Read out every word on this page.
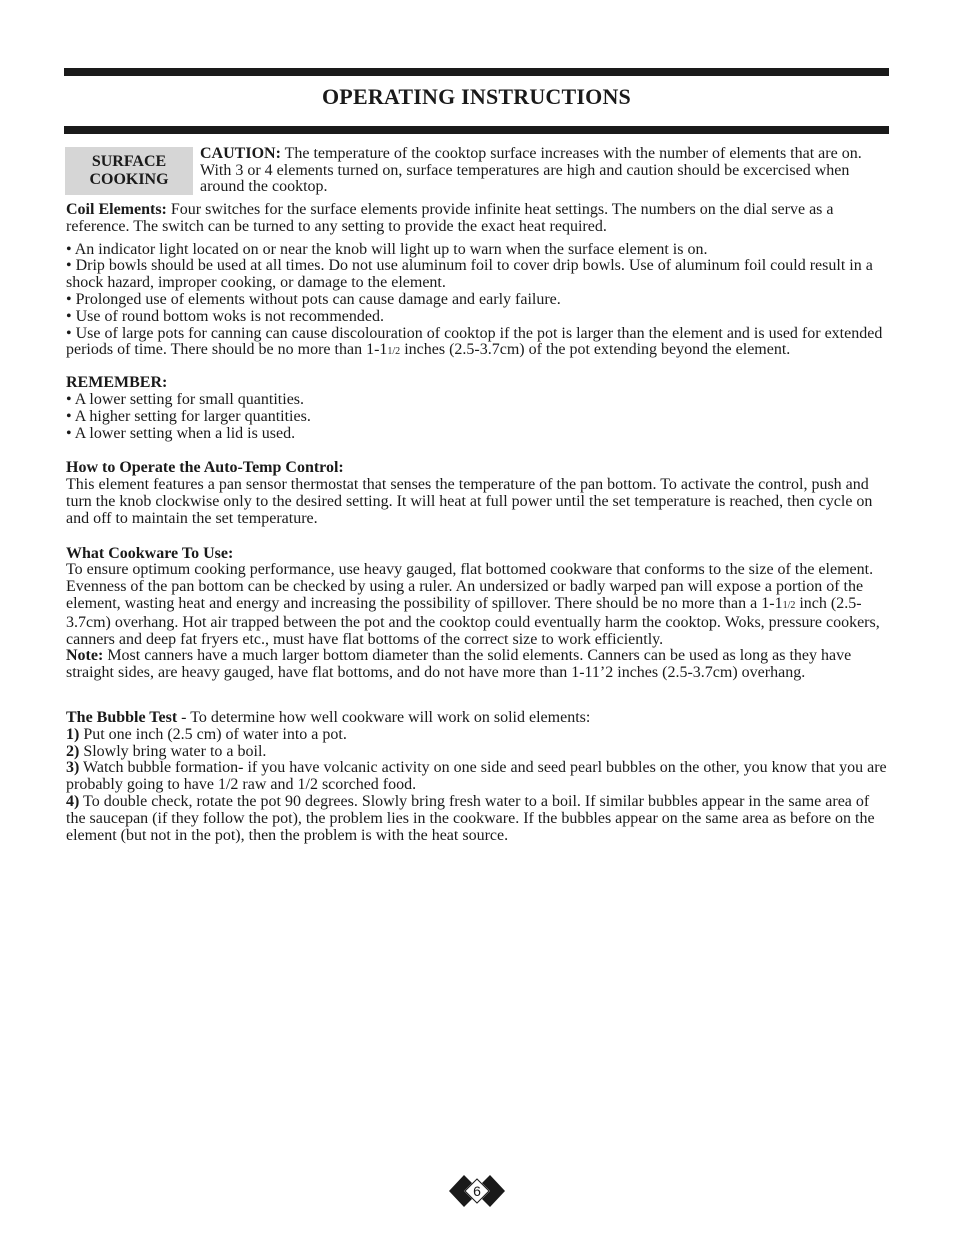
OPERATING INSTRUCTIONS
SURFACE
COOKING
CAUTION: The temperature of the cooktop surface increases with the number of elements that are on. With 3 or 4 elements turned on, surface temperatures are high and caution should be excercised when around the cooktop.

Coil Elements: Four switches for the surface elements provide infinite heat settings. The numbers on the dial serve as a reference. The switch can be turned to any setting to provide the exact heat required.

• An indicator light located on or near the knob will light up to warn when the surface element is on.

• Drip bowls should be used at all times. Do not use aluminum foil to cover drip bowls. Use of aluminum foil could result in a shock hazard, improper cooking, or damage to the element.

• Prolonged use of elements without pots can cause damage and early failure.

• Use of round bottom woks is not recommended.

• Use of large pots for canning can cause discolouration of cooktop if the pot is larger than the element and is used for extended periods of time. There should be no more than 1-11/2 inches (2.5-3.7cm) of the pot extending beyond the element.

REMEMBER:

• A lower setting for small quantities.

• A higher setting for larger quantities.

• A lower setting when a lid is used.

How to Operate the Auto-Temp Control:

This element features a pan sensor thermostat that senses the temperature of the pan bottom. To activate the control, push and turn the knob clockwise only to the desired setting. It will heat at full power until the set temperature is reached, then cycle on and off to maintain the set temperature.

What Cookware To Use:

To ensure optimum cooking performance, use heavy gauged, flat bottomed cookware that conforms to the size of the element. Evenness of the pan bottom can be checked by using a ruler. An undersized or badly warped pan will expose a portion of the element, wasting heat and energy and increasing the possibility of spillover. There should be no more than a 1-11/2 inch (2.5-3.7cm) overhang. Hot air trapped between the pot and the cooktop could eventually harm the cooktop. Woks, pressure cookers, canners and deep fat fryers etc., must have flat bottoms of the correct size to work efficiently.

Note: Most canners have a much larger bottom diameter than the solid elements. Canners can be used as long as they have straight sides, are heavy gauged, have flat bottoms, and do not have more than 1-11’2 inches (2.5-3.7cm) overhang.

The Bubble Test - To determine how well cookware will work on solid elements:

1) Put one inch (2.5 cm) of water into a pot.

2) Slowly bring water to a boil.

3) Watch bubble formation- if you have volcanic activity on one side and seed pearl bubbles on the other, you know that you are probably going to have 1/2 raw and 1/2 scorched food.

4) To double check, rotate the pot 90 degrees. Slowly bring fresh water to a boil. If similar bubbles appear in the same area of the saucepan (if they follow the pot), the problem lies in the cookware. If the bubbles appear on the same area as before on the element (but not in the pot), then the problem is with the heat source.

6
